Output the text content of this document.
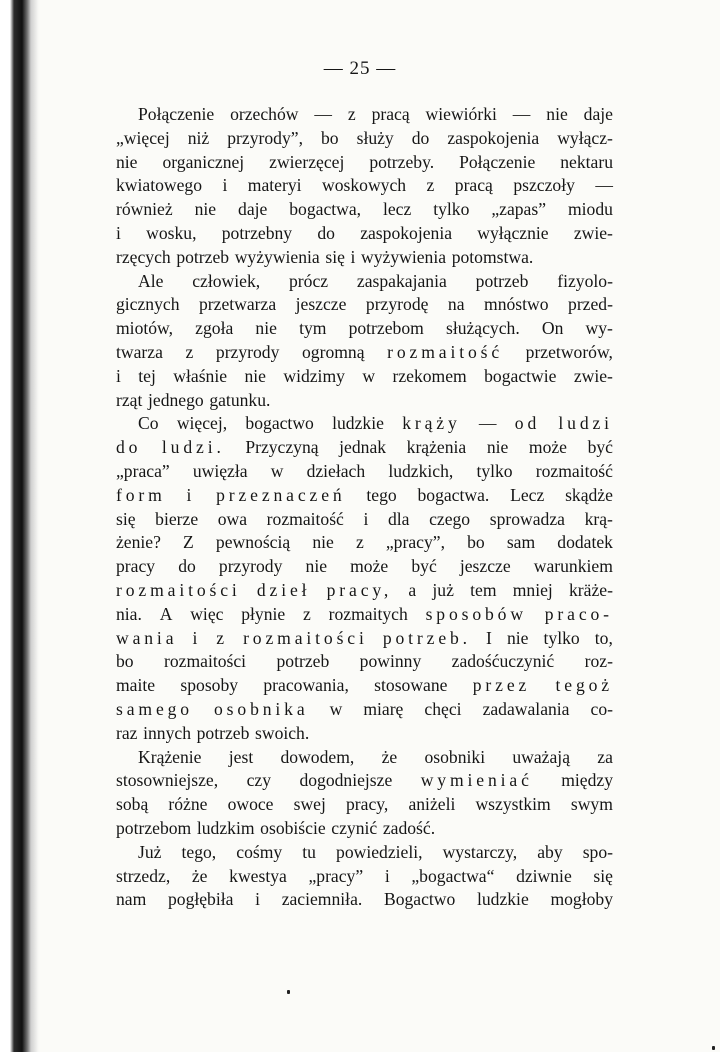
— 25 —
Połączenie orzechów — z pracą wiewiórki — nie daje
„więcej niż przyrody”, bo służy do zaspokojenia wyłącz‐
nie organicznej zwierzęcej potrzeby. Połączenie nektaru
kwiatowego i materyi woskowych z pracą pszczoły —
również nie daje bogactwa, lecz tylko „zapas” miodu
i wosku, potrzebny do zaspokojenia wyłącznie zwie‐
rzęcych potrzeb wyżywienia się i wyżywienia potomstwa.
Ale człowiek, prócz zaspakajania potrzeb fizyolo‐
gicznych przetwarza jeszcze przyrodę na mnóstwo przed‐
miotów, zgoła nie tym potrzebom służących. On wy‐
twarza z przyrody ogromną rozmaitość przetworów,
i tej właśnie nie widzimy w rzekomem bogactwie zwie‐
rząt jednego gatunku.
Co więcej, bogactwo ludzkie krąży — od ludzi
do ludzi. Przyczyną jednak krążenia nie może być
„praca” uwięzła w dziełach ludzkich, tylko rozmaitość
form i przeznaczeń tego bogactwa. Lecz skądże
się bierze owa rozmaitość i dla czego sprowadza krą‐
żenie? Z pewnością nie z „pracy”, bo sam dodatek
pracy do przyrody nie może być jeszcze warunkiem
rozmaitości dzieł pracy, a już tem mniej kräże‐
nia. A więc płynie z rozmaitych sposobów praco‐
wania i z rozmaitości potrzeb. I nie tylko to,
bo rozmaitości potrzeb powinny zadośćuczynić roz‐
maite sposoby pracowania, stosowane przez tegoż
samego osobnika w miarę chęci zadawalania co‐
raz innych potrzeb swoich.
Krążenie jest dowodem, że osobniki uważają za
stosowniejsze, czy dogodniejsze wymieniać między
sobą różne owoce swej pracy, aniżeli wszystkim swym
potrzebom ludzkim osobiście czynić zadość.
Już tego, cośmy tu powiedzieli, wystarczy, aby spo‐
strzedz, że kwestya „pracy” i „bogactwa“ dziwnie się
nam pogłębiła i zaciemniła. Bogactwo ludzkie mogłoby
